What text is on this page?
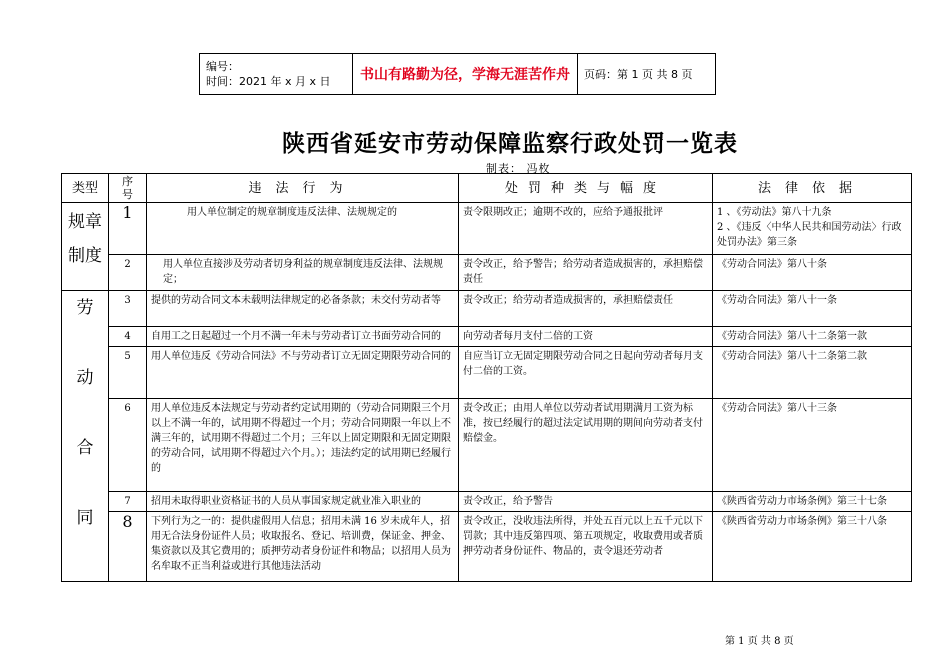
编号：
时间：2021 年 x 月 x 日	书山有路勤为径，学海无涯苦作舟	页码：第 1 页 共 8 页
陕西省延安市劳动保障监察行政处罚一览表
制表： 冯枚
类型	序号	违法行为	处罚种类与幅度	法律依据

规章
制度	1	用人单位制定的规章制度违反法律、法规规定的	责令限期改正；逾期不改的，应给予通报批评	1 、《劳动法》第八十九条
2 、《违反〈中华人民共和国劳动法〉行政处罚办法》第三条
	2	用人单位直接涉及劳动者切身利益的规章制度违反法律、法规规定；	责令改正，给予警告；给劳动者造成损害的，承担赔偿责任	《劳动合同法》第八十条

劳
动
合
同	3	提供的劳动合同文本未载明法律规定的必备条款；未交付劳动者等	责令改正；给劳动者造成损害的，承担赔偿责任	《劳动合同法》第八十一条
	4	自用工之日起超过一个月不满一年未与劳动者订立书面劳动合同的	向劳动者每月支付二倍的工资	《劳动合同法》第八十二条第一款
	5	用人单位违反《劳动合同法》不与劳动者订立无固定期限劳动合同的	自应当订立无固定期限劳动合同之日起向劳动者每月支付二倍的工资。	《劳动合同法》第八十二条第二款
	6	用人单位违反本法规定与劳动者约定试用期的（劳动合同期限三个月以上不满一年的，试用期不得超过一个月；劳动合同期限一年以上不满三年的，试用期不得超过二个月；三年以上固定期限和无固定期限的劳动合同，试用期不得超过六个月。）；违法约定的试用期已经履行的	责令改正；由用人单位以劳动者试用期满月工资为标准，按已经履行的超过法定试用期的期间向劳动者支付赔偿金。	《劳动合同法》第八十三条
	7	招用未取得职业资格证书的人员从事国家规定就业准入职业的	责令改正，给予警告	《陕西省劳动力市场条例》第三十七条
	8	下列行为之一的：提供虚假用人信息；招用未满 16 岁未成年人，招用无合法身份证件人员；收取报名、登记、培训费，保证金、押金、集资款以及其它费用的；质押劳动者身份证件和物品；以招用人员为名牟取不正当利益或进行其他违法活动	责令改正，没收违法所得，并处五百元以上五千元以下罚款；其中违反第四项、第五项规定，收取费用或者质押劳动者身份证件、物品的，责令退还劳动者	《陕西省劳动力市场条例》第三十八条
第 1 页 共 8 页
